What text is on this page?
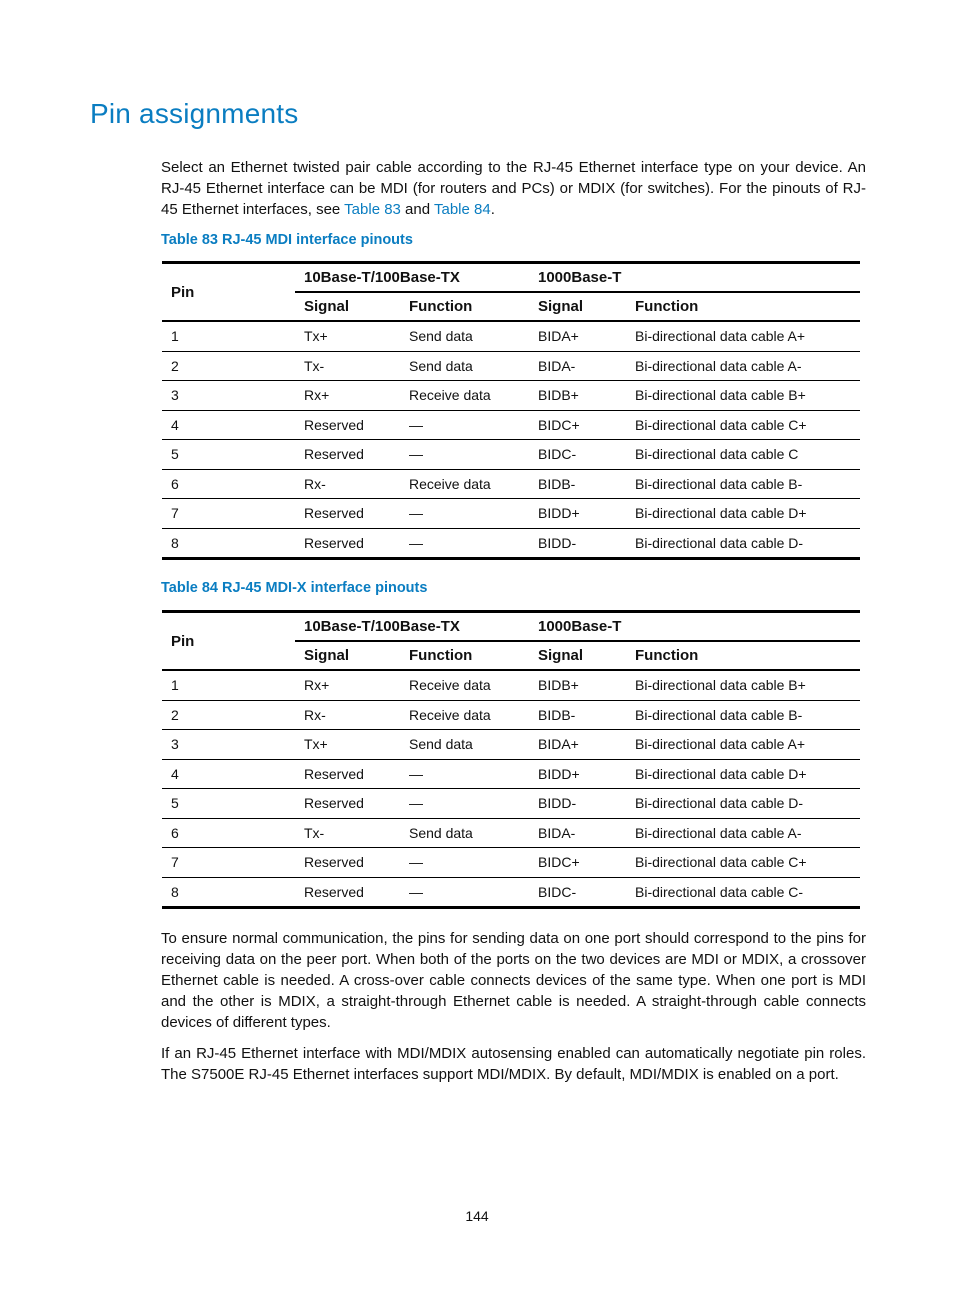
Pin assignments

Select an Ethernet twisted pair cable according to the RJ-45 Ethernet interface type on your device. An RJ-45 Ethernet interface can be MDI (for routers and PCs) or MDIX (for switches). For the pinouts of RJ-45 Ethernet interfaces, see Table 83 and Table 84.

Table 83 RJ-45 MDI interface pinouts

Pin	10Base-T/100Base-TX		1000Base-T	
	Signal	Function	Signal	Function
1	Tx+	Send data	BIDA+	Bi-directional data cable A+
2	Tx-	Send data	BIDA-	Bi-directional data cable A-
3	Rx+	Receive data	BIDB+	Bi-directional data cable B+
4	Reserved	—	BIDC+	Bi-directional data cable C+
5	Reserved	—	BIDC-	Bi-directional data cable C
6	Rx-	Receive data	BIDB-	Bi-directional data cable B-
7	Reserved	—	BIDD+	Bi-directional data cable D+
8	Reserved	—	BIDD-	Bi-directional data cable D-

Table 84 RJ-45 MDI-X interface pinouts

Pin	10Base-T/100Base-TX		1000Base-T	
	Signal	Function	Signal	Function
1	Rx+	Receive data	BIDB+	Bi-directional data cable B+
2	Rx-	Receive data	BIDB-	Bi-directional data cable B-
3	Tx+	Send data	BIDA+	Bi-directional data cable A+
4	Reserved	—	BIDD+	Bi-directional data cable D+
5	Reserved	—	BIDD-	Bi-directional data cable D-
6	Tx-	Send data	BIDA-	Bi-directional data cable A-
7	Reserved	—	BIDC+	Bi-directional data cable C+
8	Reserved	—	BIDC-	Bi-directional data cable C-

To ensure normal communication, the pins for sending data on one port should correspond to the pins for receiving data on the peer port. When both of the ports on the two devices are MDI or MDIX, a crossover Ethernet cable is needed. A cross-over cable connects devices of the same type. When one port is MDI and the other is MDIX, a straight-through Ethernet cable is needed. A straight-through cable connects devices of different types.

If an RJ-45 Ethernet interface with MDI/MDIX autosensing enabled can automatically negotiate pin roles. The S7500E RJ-45 Ethernet interfaces support MDI/MDIX. By default, MDI/MDIX is enabled on a port.

144
